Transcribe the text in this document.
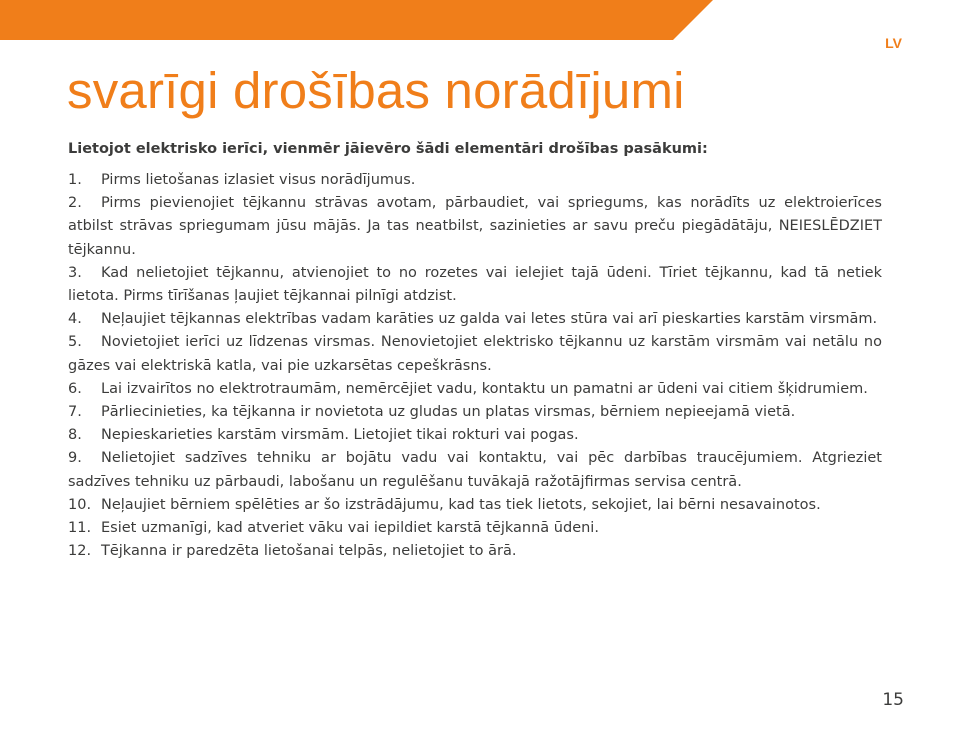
LV
svarīgi drošības norādījumi

Lietojot elektrisko ierīci, vienmēr jāievēro šādi elementāri drošības pasākumi:

1. Pirms lietošanas izlasiet visus norādījumus.
2. Pirms pievienojiet tējkannu strāvas avotam, pārbaudiet, vai spriegums, kas norādīts uz elektroierīces atbilst strāvas spriegumam jūsu mājās. Ja tas neatbilst, sazinieties ar savu preču piegādātāju, NEIESLĒDZIET tējkannu.
3. Kad nelietojiet tējkannu, atvienojiet to no rozetes vai ielejiet tajā ūdeni. Tīriet tējkannu, kad tā netiek lietota. Pirms tīrīšanas ļaujiet tējkannai pilnīgi atdzist.
4. Neļaujiet tējkannas elektrības vadam karāties uz galda vai letes stūra vai arī pieskarties karstām virsmām.
5. Novietojiet ierīci uz līdzenas virsmas. Nenovietojiet elektrisko tējkannu uz karstām virsmām vai netālu no gāzes vai elektriskā katla, vai pie uzkarsētas cepeškrāsns.
6. Lai izvairītos no elektrotraumām, nemērcējiet vadu, kontaktu un pamatni ar ūdeni vai citiem šķidrumiem.
7. Pārliecinieties, ka tējkanna ir novietota uz gludas un platas virsmas, bērniem nepieejamā vietā.
8. Nepieskarieties karstām virsmām. Lietojiet tikai rokturi vai pogas.
9. Nelietojiet sadzīves tehniku ar bojātu vadu vai kontaktu, vai pēc darbības traucējumiem. Atgrieziet sadzīves tehniku uz pārbaudi, labošanu un regulēšanu tuvākajā ražotājfirmas servisa centrā.
10. Neļaujiet bērniem spēlēties ar šo izstrādājumu, kad tas tiek lietots, sekojiet, lai bērni nesavainotos.
11. Esiet uzmanīgi, kad atveriet vāku vai iepildiet karstā tējkannā ūdeni.
12. Tējkanna ir paredzēta lietošanai telpās, nelietojiet to ārā.
15
